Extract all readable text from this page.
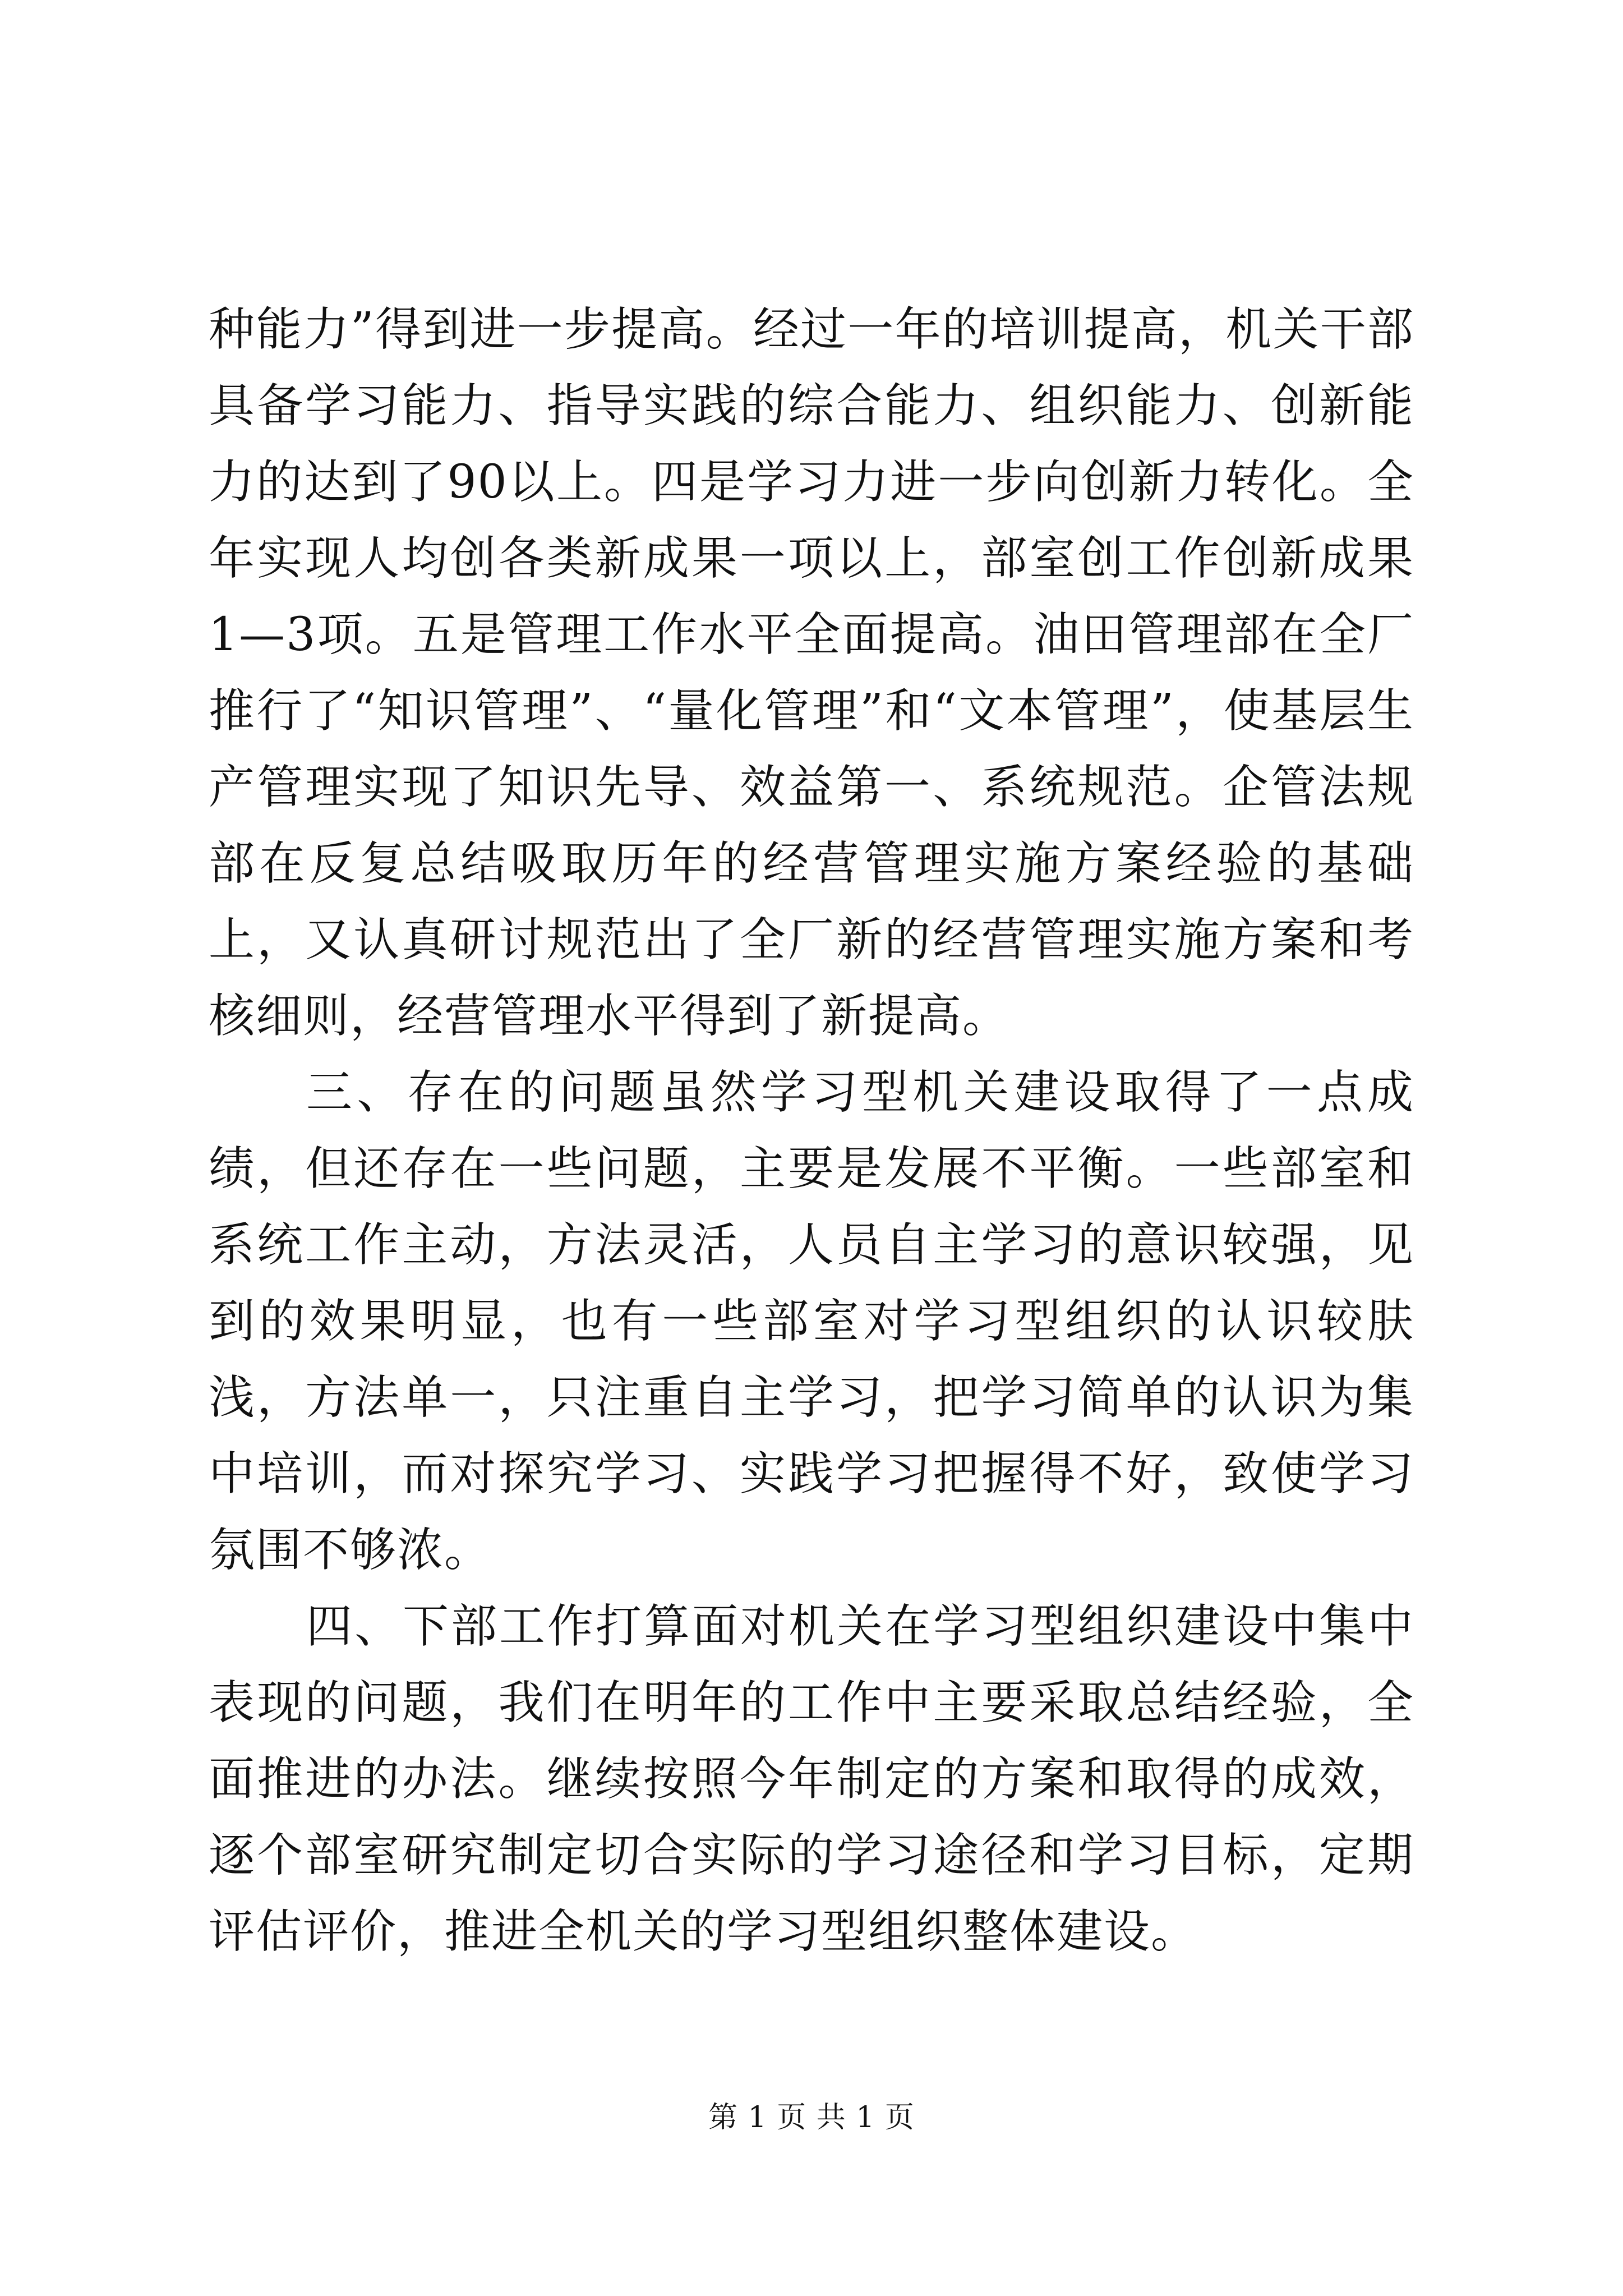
种能力”得到进一步提高。经过一年的培训提高，机关干部具备学习能力、指导实践的综合能力、组织能力、创新能力的达到了90以上。四是学习力进一步向创新力转化。全年实现人均创各类新成果一项以上，部室创工作创新成果1—3项。五是管理工作水平全面提高。油田管理部在全厂推行了“知识管理”、“量化管理”和“文本管理”，使基层生产管理实现了知识先导、效益第一、系统规范。企管法规部在反复总结吸取历年的经营管理实施方案经验的基础上，又认真研讨规范出了全厂新的经营管理实施方案和考核细则，经营管理水平得到了新提高。

三、存在的问题虽然学习型机关建设取得了一点成绩，但还存在一些问题，主要是发展不平衡。一些部室和系统工作主动，方法灵活，人员自主学习的意识较强，见到的效果明显，也有一些部室对学习型组织的认识较肤浅，方法单一，只注重自主学习，把学习简单的认识为集中培训，而对探究学习、实践学习把握得不好，致使学习氛围不够浓。

四、下部工作打算面对机关在学习型组织建设中集中表现的问题，我们在明年的工作中主要采取总结经验，全面推进的办法。继续按照今年制定的方案和取得的成效，逐个部室研究制定切合实际的学习途径和学习目标，定期评估评价，推进全机关的学习型组织整体建设。

第 1 页 共 1 页
